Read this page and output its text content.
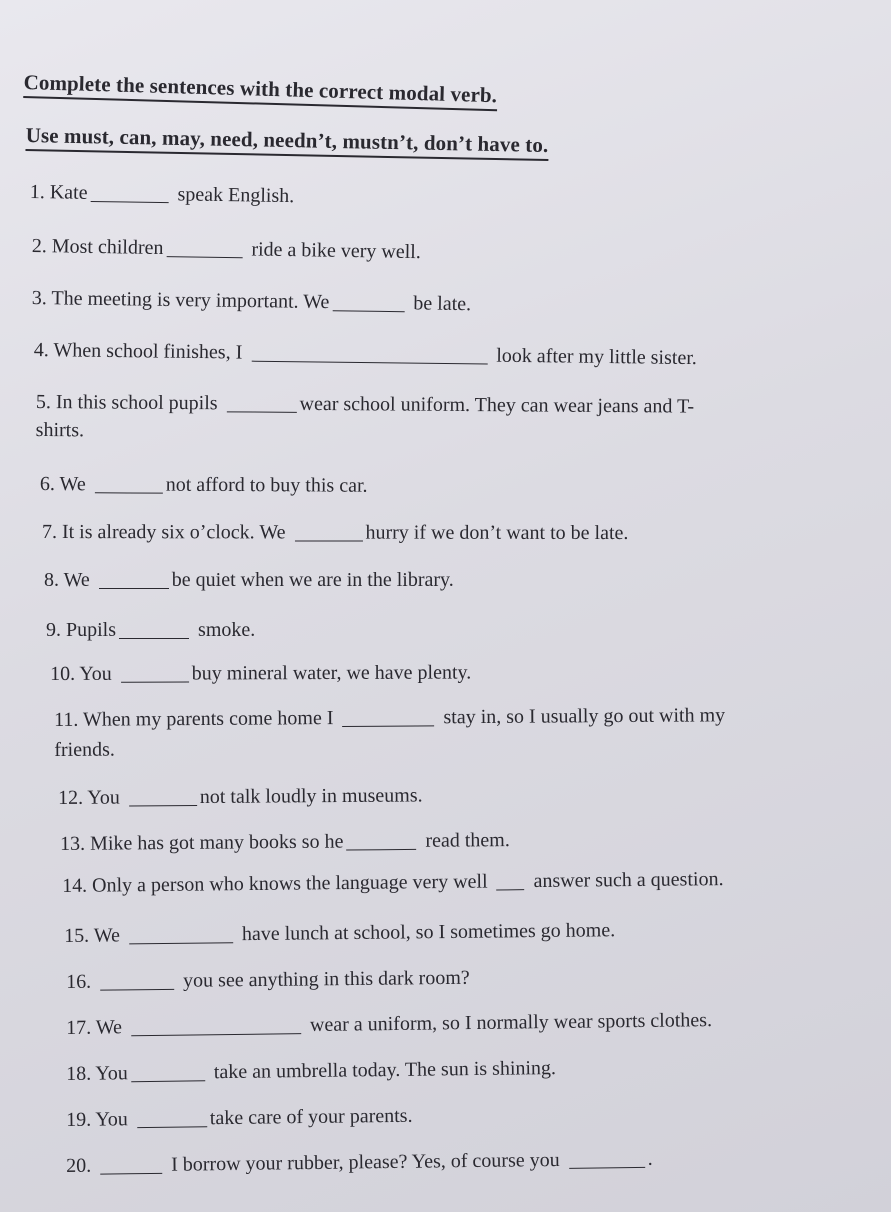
Complete the sentences with the correct modal verb.
Use must, can, may, need, needn’t, mustn’t, don’t have to.
1. Kate	speak English.
2. Most children	ride a bike very well.
3. The meeting is very important. We	be late.
4. When school finishes, I	look after my little sister.
5. In this school pupils	wear school uniform. They can wear jeans and T-
shirts.
6. We	not afford to buy this car.
7. It is already six o’clock. We	hurry if we don’t want to be late.
8. We	be quiet when we are in the library.
9. Pupils	smoke.
10. You	buy mineral water, we have plenty.
11. When my parents come home I	stay in, so I usually go out with my
friends.
12. You	not talk loudly in museums.
13. Mike has got many books so he	read them.
14. Only a person who knows the language very well answer such a question.
15. We	have lunch at school, so I sometimes go home.
16.	you see anything in this dark room?
17. We	wear a uniform, so I normally wear sports clothes.
18. You	take an umbrella today. The sun is shining.
19. You	take care of your parents.
20.	I borrow your rubber, please? Yes, of course you	.
